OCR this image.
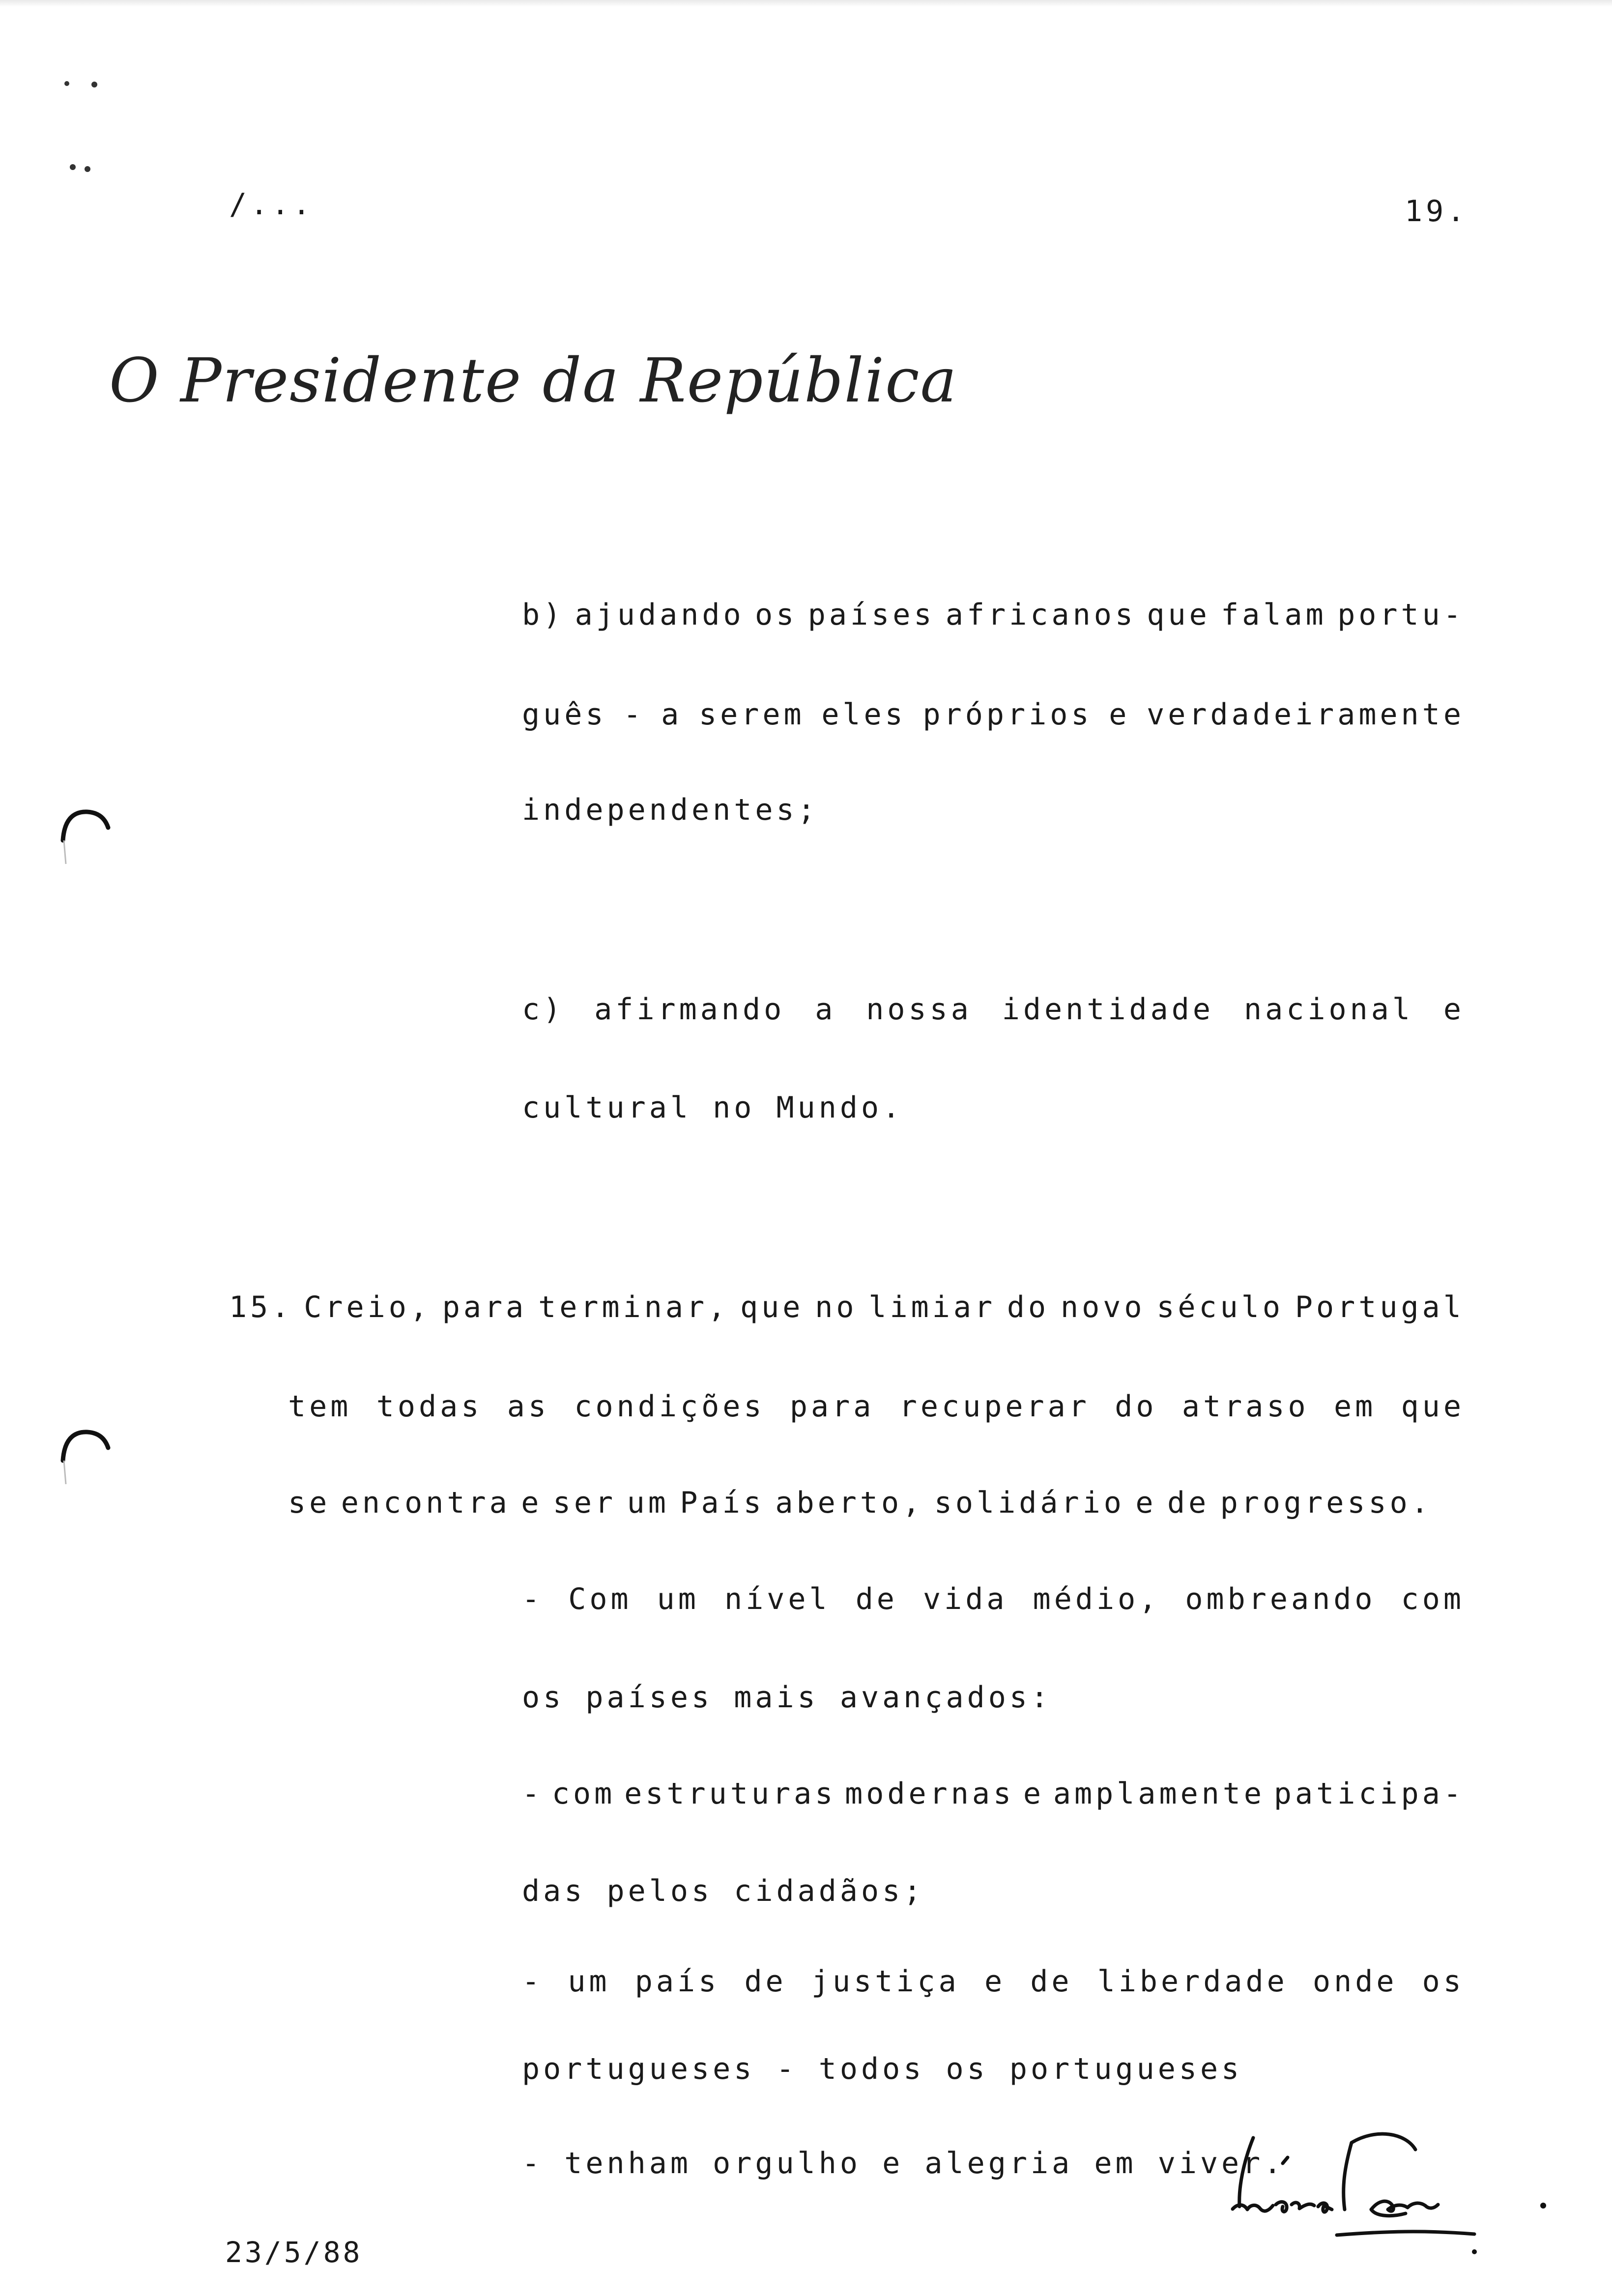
/...	19.
O Presidente da República
b) ajudando os países africanos que falam portu-
guês - a serem eles próprios e verdadeiramente
independentes;
c) afirmando a nossa identidade nacional e
cultural no Mundo.
15. Creio, para terminar, que no limiar do novo século Portugal
tem todas as condições para recuperar do atraso em que
se encontra e ser um País aberto, solidário e de progresso.
- Com um nível de vida médio, ombreando com
os países mais avançados:
- com estruturas modernas e amplamente paticipa-
das pelos cidadãos;
- um país de justiça e de liberdade onde os
portugueses - todos os portugueses
- tenham orgulho e alegria em viver.
23/5/88
